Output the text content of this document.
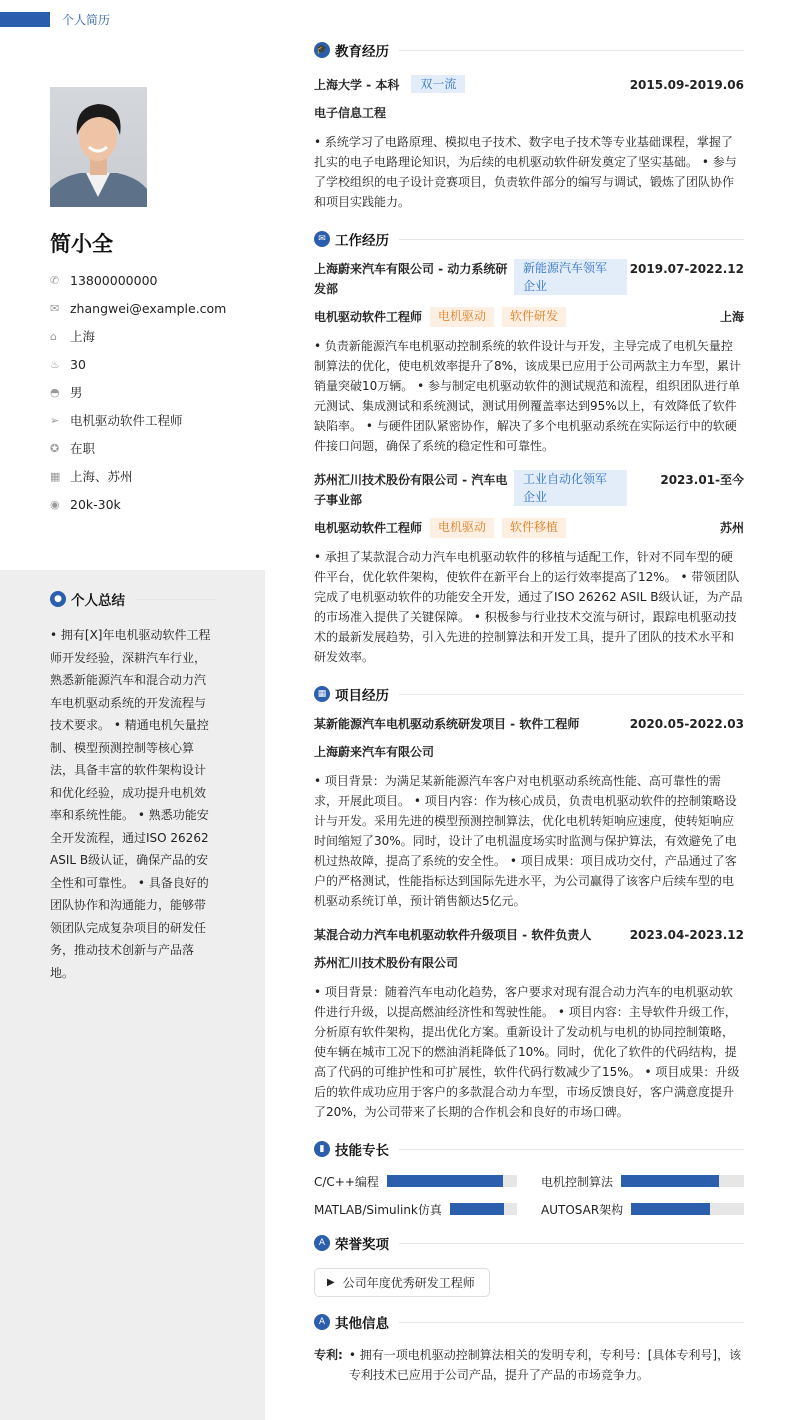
个人简历
简小全
✆ 13800000000
✉ zhangwei@example.com
⌂	上海
♨ 30
◓ 男
➢ 电机驱动软件工程师
✪ 在职
▦ 上海、苏州
◉ 20k-30k
● 个人总结
• 拥有[X]年电机驱动软件工程师开发经验，深耕汽车行业，熟悉新能源汽车和混合动力汽车电机驱动系统的开发流程与技术要求。 • 精通电机矢量控制、模型预测控制等核心算法，具备丰富的软件架构设计和优化经验，成功提升电机效率和系统性能。 • 熟悉功能安全开发流程，通过ISO 26262 ASIL B级认证，确保产品的安全性和可靠性。 • 具备良好的团队协作和沟通能力，能够带领团队完成复杂项目的研发任务，推动技术创新与产品落地。
🎓 教育经历
上海大学 - 本科	双一流	2015.09-2019.06
电子信息工程
• 系统学习了电路原理、模拟电子技术、数字电子技术等专业基础课程，掌握了扎实的电子电路理论知识，为后续的电机驱动软件研发奠定了坚实基础。 • 参与了学校组织的电子设计竞赛项目，负责软件部分的编写与调试，锻炼了团队协作和项目实践能力。
✉ 工作经历
上海蔚来汽车有限公司 - 动力系统研发部
新能源汽车领军企业
2019.07-2022.12
电机驱动软件工程师	电机驱动	软件研发	上海
• 负责新能源汽车电机驱动控制系统的软件设计与开发，主导完成了电机矢量控制算法的优化，使电机效率提升了8%，该成果已应用于公司两款主力车型，累计销量突破10万辆。 • 参与制定电机驱动软件的测试规范和流程，组织团队进行单元测试、集成测试和系统测试，测试用例覆盖率达到95%以上，有效降低了软件缺陷率。 • 与硬件团队紧密协作，解决了多个电机驱动系统在实际运行中的软硬件接口问题，确保了系统的稳定性和可靠性。
苏州汇川技术股份有限公司 - 汽车电子事业部
工业自动化领军企业
2023.01-至今
电机驱动软件工程师	电机驱动	软件移植	苏州
• 承担了某款混合动力汽车电机驱动软件的移植与适配工作，针对不同车型的硬件平台，优化软件架构，使软件在新平台上的运行效率提高了12%。 • 带领团队完成了电机驱动软件的功能安全开发，通过了ISO 26262 ASIL B级认证，为产品的市场准入提供了关键保障。 • 积极参与行业技术交流与研讨，跟踪电机驱动技术的最新发展趋势，引入先进的控制算法和开发工具，提升了团队的技术水平和研发效率。
▦ 项目经历
某新能源汽车电机驱动系统研发项目 - 软件工程师	2020.05-2022.03
上海蔚来汽车有限公司
• 项目背景：为满足某新能源汽车客户对电机驱动系统高性能、高可靠性的需求，开展此项目。 • 项目内容：作为核心成员，负责电机驱动软件的控制策略设计与开发。采用先进的模型预测控制算法，优化电机转矩响应速度，使转矩响应时间缩短了30%。同时，设计了电机温度场实时监测与保护算法，有效避免了电机过热故障，提高了系统的安全性。 • 项目成果：项目成功交付，产品通过了客户的严格测试，性能指标达到国际先进水平，为公司赢得了该客户后续车型的电机驱动系统订单，预计销售额达5亿元。
某混合动力汽车电机驱动软件升级项目 - 软件负责人	2023.04-2023.12
苏州汇川技术股份有限公司
• 项目背景：随着汽车电动化趋势，客户要求对现有混合动力汽车的电机驱动软件进行升级，以提高燃油经济性和驾驶性能。 • 项目内容：主导软件升级工作，分析原有软件架构，提出优化方案。重新设计了发动机与电机的协同控制策略，使车辆在城市工况下的燃油消耗降低了10%。同时，优化了软件的代码结构，提高了代码的可维护性和可扩展性，软件代码行数减少了15%。 • 项目成果：升级后的软件成功应用于客户的多款混合动力车型，市场反馈良好，客户满意度提升了20%，为公司带来了长期的合作机会和良好的市场口碑。
▮ 技能专长
C/C++编程	电机控制算法
MATLAB/Simulink仿真	AUTOSAR架构
A 荣誉奖项
▶ 公司年度优秀研发工程师
A 其他信息
专利: • 拥有一项电机驱动控制算法相关的发明专利，专利号：[具体专利号]，该专利技术已应用于公司产品，提升了产品的市场竞争力。
